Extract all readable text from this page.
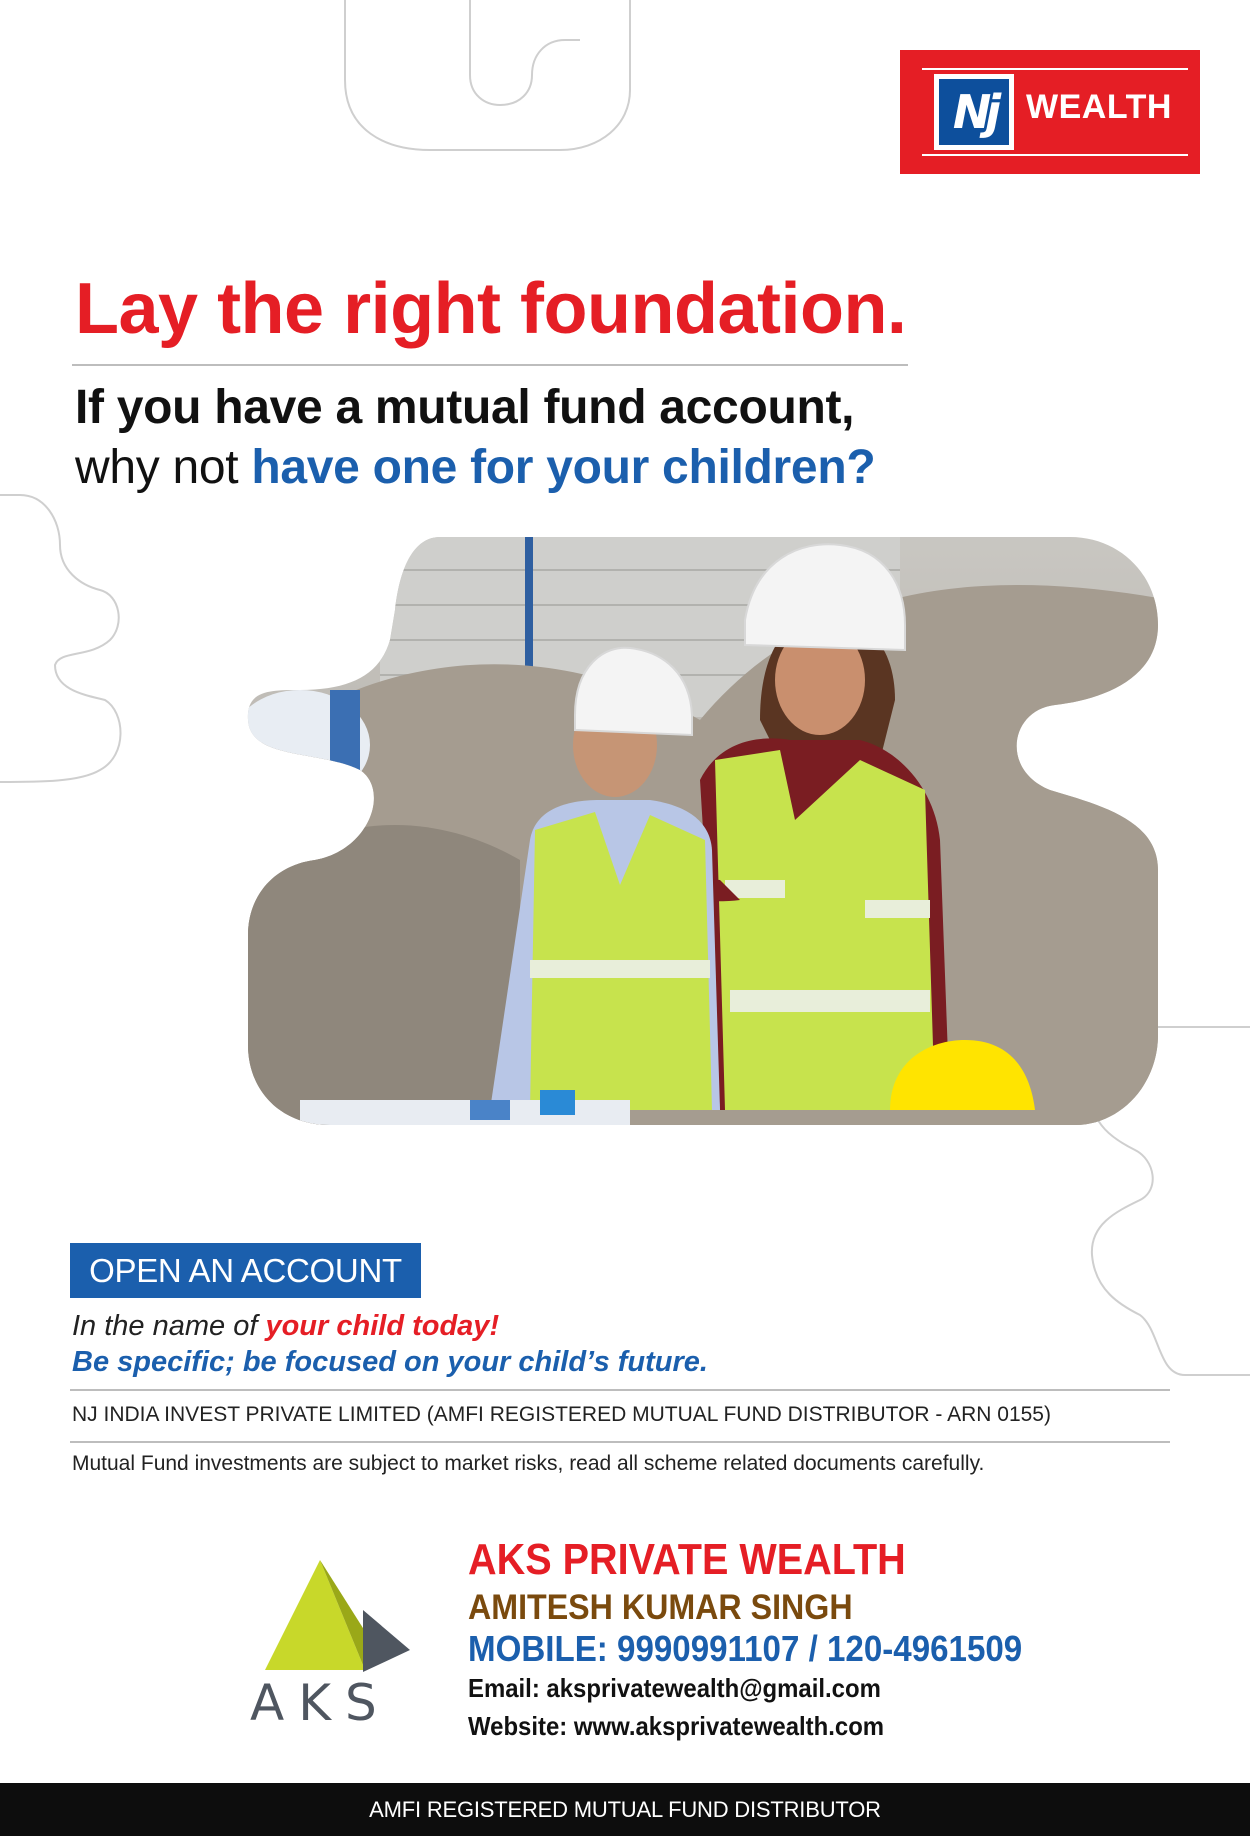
Nj WEALTH
Lay the right foundation.
If you have a mutual fund account,
why not have one for your children?
OPEN AN ACCOUNT
In the name of your child today!
Be specific; be focused on your child’s future.
NJ INDIA INVEST PRIVATE LIMITED (AMFI REGISTERED MUTUAL FUND DISTRIBUTOR - ARN 0155)
Mutual Fund investments are subject to market risks, read all scheme related documents carefully.
AKS
AKS PRIVATE WEALTH
AMITESH KUMAR SINGH
MOBILE: 9990991107 / 120-4961509
Email: aksprivatewealth@gmail.com
Website: www.aksprivatewealth.com
AMFI REGISTERED MUTUAL FUND DISTRIBUTOR
